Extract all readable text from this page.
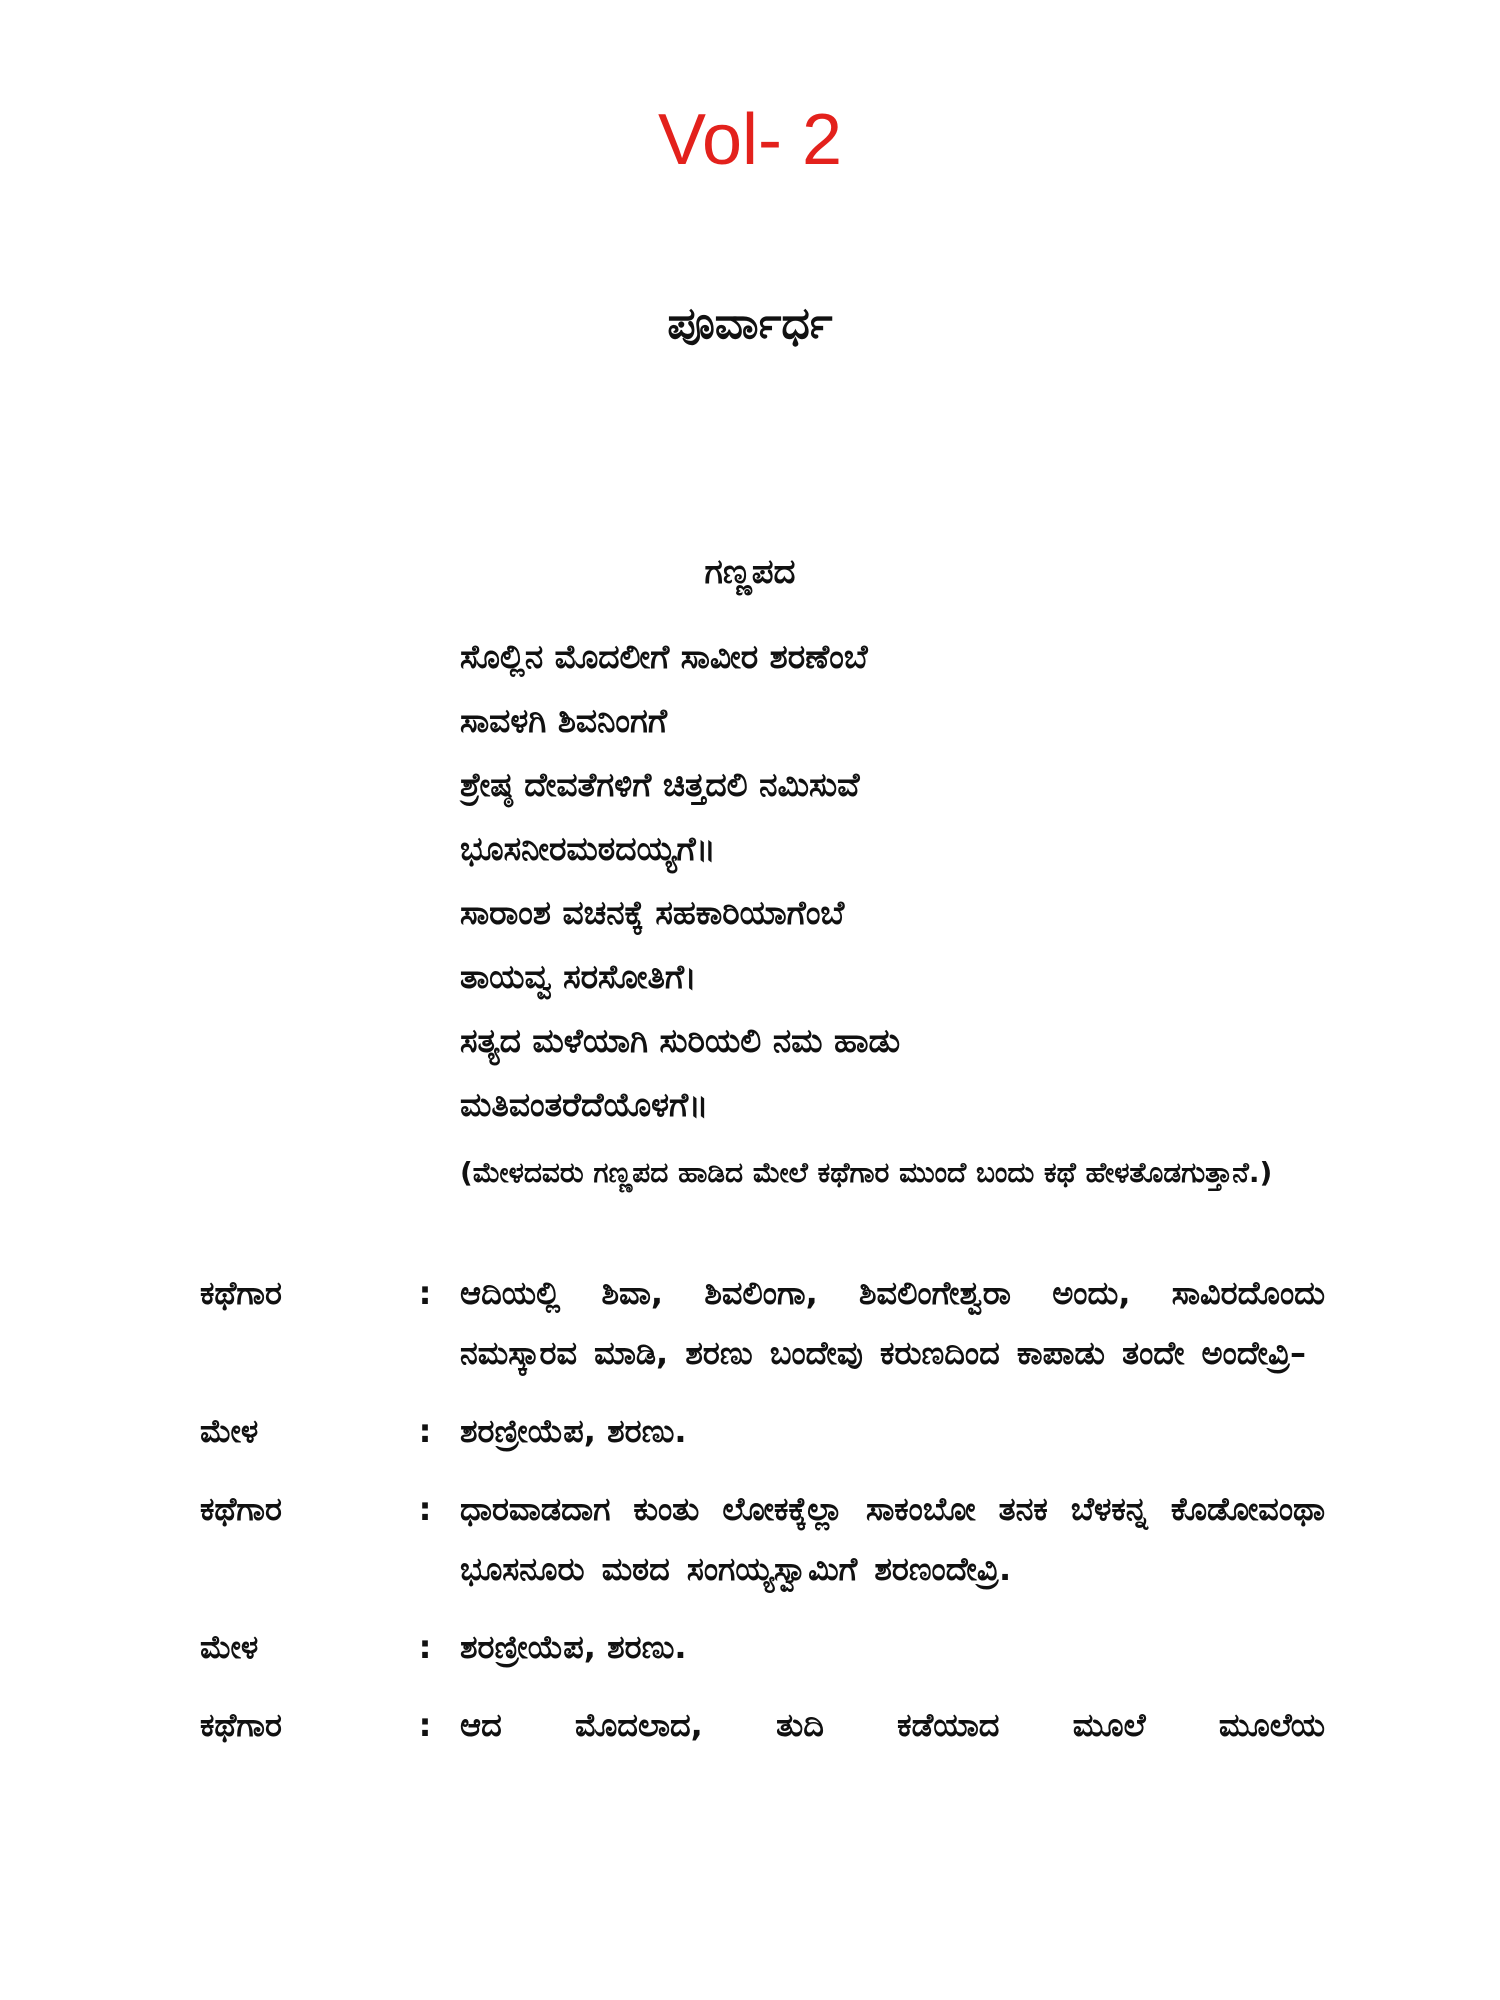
Vol- 2
ಪೂರ್ವಾರ್ಧ
ಗಣ್ಣಪದ
ಸೊಲ್ಲಿನ ಮೊದಲೀಗೆ ಸಾವೀರ ಶರಣೆಂಬೆ
ಸಾವಳಗಿ ಶಿವನಿಂಗಗೆ
ಶ್ರೇಷ್ಠ ದೇವತೆಗಳಿಗೆ ಚಿತ್ತದಲಿ ನಮಿಸುವೆ
ಭೂಸನೀರಮಠದಯ್ಯಗೆ॥
ಸಾರಾಂಶ ವಚನಕ್ಕೆ ಸಹಕಾರಿಯಾಗೆಂಬೆ
ತಾಯವ್ವ ಸರಸೋತಿಗೆ।
ಸತ್ಯದ ಮಳೆಯಾಗಿ ಸುರಿಯಲಿ ನಮ ಹಾಡು
ಮತಿವಂತರೆದೆಯೊಳಗೆ॥
(ಮೇಳದವರು ಗಣ್ಣಪದ ಹಾಡಿದ ಮೇಲೆ ಕಥೆಗಾರ ಮುಂದೆ ಬಂದು ಕಥೆ ಹೇಳತೊಡಗುತ್ತಾನೆ.)
ಕಥೆಗಾರ	: ಆದಿಯಲ್ಲಿ ಶಿವಾ, ಶಿವಲಿಂಗಾ, ಶಿವಲಿಂಗೇಶ್ವರಾ ಅಂದು, ಸಾವಿರದೊಂದು ನಮಸ್ಕಾರವ ಮಾಡಿ, ಶರಣು ಬಂದೇವು ಕರುಣದಿಂದ ಕಾಪಾಡು ತಂದೇ ಅಂದೇವ್ರಿ–
ಮೇಳ	: ಶರಣ್ರೀಯೆಪ, ಶರಣು.
ಕಥೆಗಾರ	: ಧಾರವಾಡದಾಗ ಕುಂತು ಲೋಕಕ್ಕೆಲ್ಲಾ ಸಾಕಂಬೋ ತನಕ ಬೆಳಕನ್ನ ಕೊಡೋವಂಥಾ ಭೂಸನೂರು ಮಠದ ಸಂಗಯ್ಯಸ್ವಾಮಿಗೆ ಶರಣಂದೇವ್ರಿ.
ಮೇಳ	: ಶರಣ್ರೀಯೆಪ, ಶರಣು.
ಕಥೆಗಾರ	: ಆದ ಮೊದಲಾದ, ತುದಿ ಕಡೆಯಾದ ಮೂಲೆ ಮೂಲೆಯ
